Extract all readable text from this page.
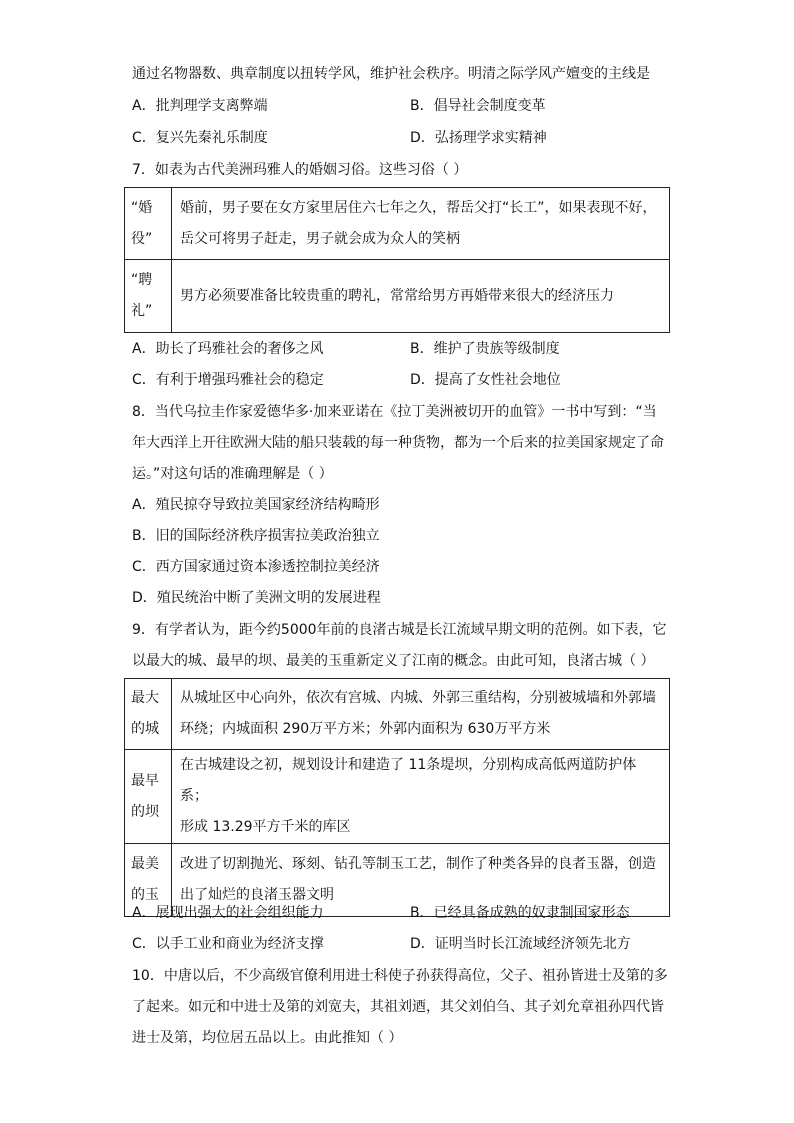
通过名物器数、典章制度以扭转学风，维护社会秩序。明清之际学风产嬗变的主线是
A．批判理学支离弊端	B．倡导社会制度变革
C．复兴先秦礼乐制度	D．弘扬理学求实精神
7．如表为古代美洲玛雅人的婚姻习俗。这些习俗（ ）
“婚
役”	婚前，男子要在女方家里居住六七年之久，帮岳父打“长工”，如果表现不好，
岳父可将男子赶走，男子就会成为众人的笑柄
“聘
礼”	男方必须要准备比较贵重的聘礼，常常给男方再婚带来很大的经济压力
A．助长了玛雅社会的奢侈之风	B．维护了贵族等级制度
C．有利于增强玛雅社会的稳定	D．提高了女性社会地位
8．当代乌拉圭作家爱德华多·加来亚诺在《拉丁美洲被切开的血管》一书中写到：“当
年大西洋上开往欧洲大陆的船只装载的每一种货物，都为一个后来的拉美国家规定了命
运。”对这句话的准确理解是（ ）
A．殖民掠夺导致拉美国家经济结构畸形
B．旧的国际经济秩序损害拉美政治独立
C．西方国家通过资本渗透控制拉美经济
D．殖民统治中断了美洲文明的发展进程
9．有学者认为，距今约5000年前的良渚古城是长江流域早期文明的范例。如下表，它
以最大的城、最早的坝、最美的玉重新定义了江南的概念。由此可知，良渚古城（ ）
最大
的城	从城址区中心向外，依次有宫城、内城、外郭三重结构，分别被城墙和外郭墙
环绕；内城面积 290万平方米；外郭内面积为 630万平方米
最早
的坝	在古城建设之初，规划设计和建造了 11条堤坝，分别构成高低两道防护体系；
形成 13.29平方千米的库区
最美
的玉	改进了切割抛光、琢刻、钻孔等制玉工艺，制作了种类各异的良者玉器，创造
出了灿烂的良渚玉器文明
A．展现出强大的社会组织能力	B．已经具备成熟的奴隶制国家形态
C．以手工业和商业为经济支撑	D．证明当时长江流域经济领先北方
10．中唐以后，不少高级官僚利用进士科使子孙获得高位，父子、祖孙皆进士及第的多
了起来。如元和中进士及第的刘宽夫，其祖刘迺，其父刘伯刍、其子刘允章祖孙四代皆
进士及第，均位居五品以上。由此推知（ ）
